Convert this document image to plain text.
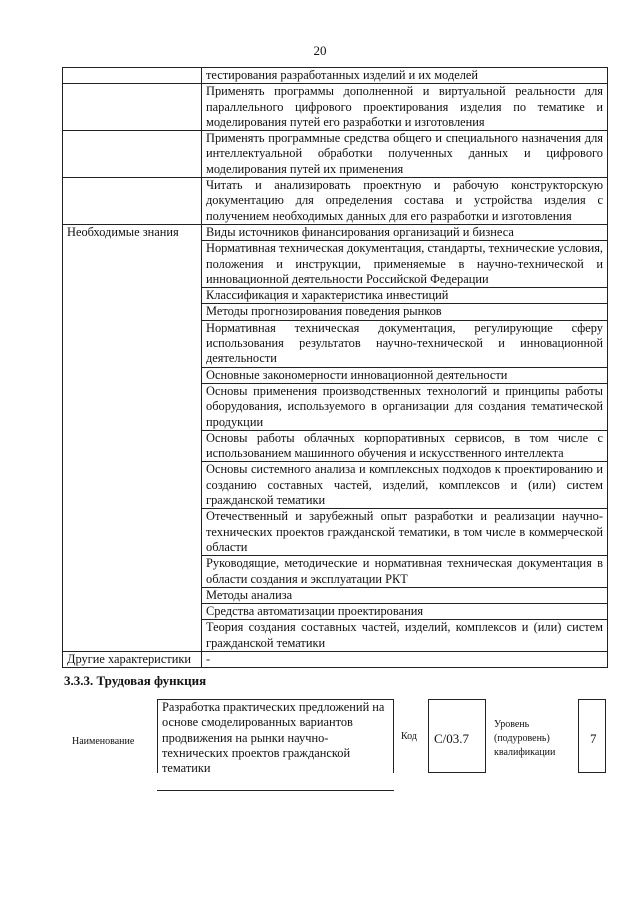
20
	тестирования разработанных изделий и их моделей
	Применять программы дополненной и виртуальной реальности для параллельного цифрового проектирования изделия по тематике и моделирования путей его разработки и изготовления
	Применять программные средства общего и специального назначения для интеллектуальной обработки полученных данных и цифрового моделирования путей их применения
	Читать и анализировать проектную и рабочую конструкторскую документацию для определения состава и устройства изделия с получением необходимых данных для его разработки и изготовления
Необходимые знания	Виды источников финансирования организаций и бизнеса
	Нормативная техническая документация, стандарты, технические условия, положения и инструкции, применяемые в научно-технической и инновационной деятельности Российской Федерации
	Классификация и характеристика инвестиций
	Методы прогнозирования поведения рынков
	Нормативная техническая документация, регулирующие сферу использования результатов научно-технической и инновационной деятельности
	Основные закономерности инновационной деятельности
	Основы применения производственных технологий и принципы работы оборудования, используемого в организации для создания тематической продукции
	Основы работы облачных корпоративных сервисов, в том числе с использованием машинного обучения и искусственного интеллекта
	Основы системного анализа и комплексных подходов к проектированию и созданию составных частей, изделий, комплексов и (или) систем гражданской тематики
	Отечественный и зарубежный опыт разработки и реализации научно-технических проектов гражданской тематики, в том числе в коммерческой области
	Руководящие, методические и нормативная техническая документация в области создания и эксплуатации РКТ
	Методы анализа
	Средства автоматизации проектирования
	Теория создания составных частей, изделий, комплексов и (или) систем гражданской тематики
Другие характеристики	-
3.3.3. Трудовая функция
Наименование
Разработка практических предложений на основе смоделированных вариантов продвижения на рынки научно-технических проектов гражданской тематики
Код С/03.7
Уровень (подуровень) квалификации
7
